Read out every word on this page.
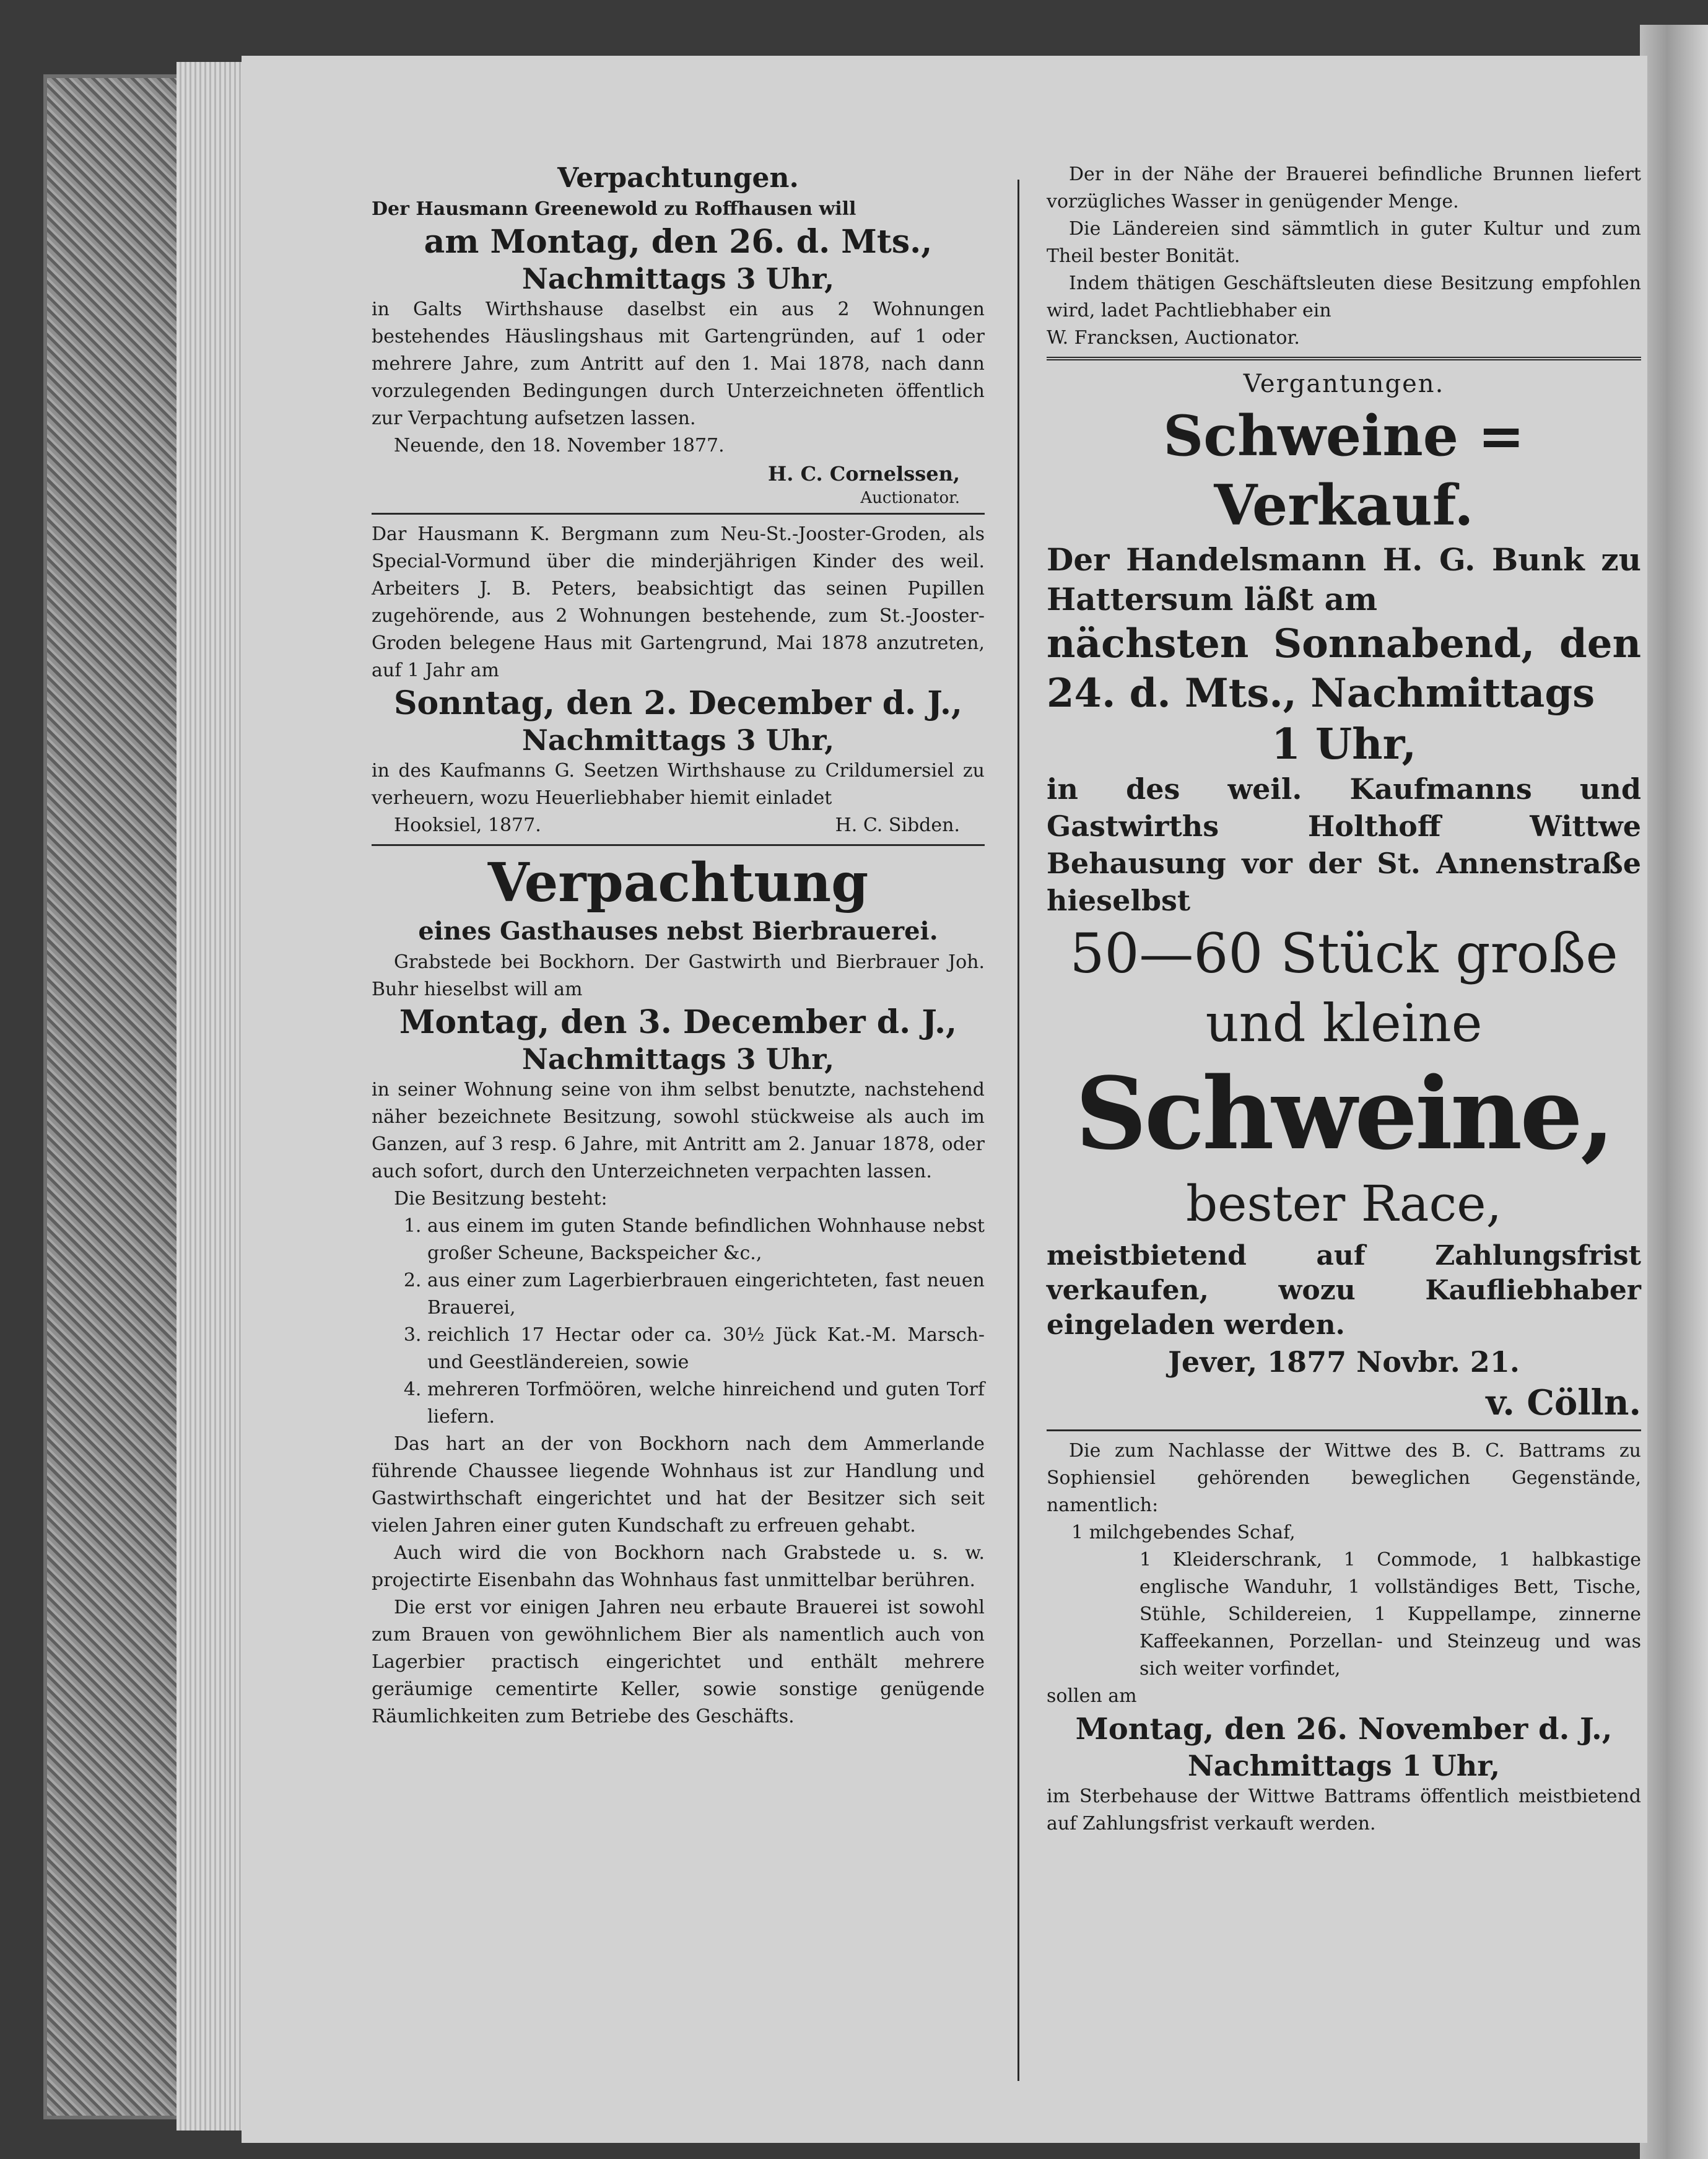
Verpachtungen.

Der Hausmann Greenewold zu Roffhausen will

am Montag, den 26. d. Mts.,

Nachmittags 3 Uhr,

in Galts Wirthshause daselbst ein aus 2 Wohnungen bestehendes Häuslingshaus mit Gartengründen, auf 1 oder mehrere Jahre, zum Antritt auf den 1. Mai 1878, nach dann vorzulegenden Bedingungen durch Unterzeichneten öffentlich zur Verpachtung aufsetzen lassen.

Neuende, den 18. November 1877.

H. C. Cornelssen,
Auctionator.

Dar Hausmann K. Bergmann zum Neu-St.-Jooster-Groden, als Special-Vormund über die minderjährigen Kinder des weil. Arbeiters J. B. Peters, beabsichtigt das seinen Pupillen zugehörende, aus 2 Wohnungen bestehende, zum St.-Jooster-Groden belegene Haus mit Gartengrund, Mai 1878 anzutreten, auf 1 Jahr am

Sonntag, den 2. December d. J.,

Nachmittags 3 Uhr,

in des Kaufmanns G. Seetzen Wirthshause zu Crildumersiel zu verheuern, wozu Heuerliebhaber hiemit einladet

Hooksiel, 1877.	H. C. Sibden.

Verpachtung

eines Gasthauses nebst Bierbrauerei.

Grabstede bei Bockhorn. Der Gastwirth und Bierbrauer Joh. Buhr hieselbst will am

Montag, den 3. December d. J.,

Nachmittags 3 Uhr,

in seiner Wohnung seine von ihm selbst benutzte, nachstehend näher bezeichnete Besitzung, sowohl stückweise als auch im Ganzen, auf 3 resp. 6 Jahre, mit Antritt am 2. Januar 1878, oder auch sofort, durch den Unterzeichneten verpachten lassen.

Die Besitzung besteht:

1. aus einem im guten Stande befindlichen Wohnhause nebst großer Scheune, Backspeicher &c.,
2. aus einer zum Lagerbierbrauen eingerichteten, fast neuen Brauerei,
3. reichlich 17 Hectar oder ca. 30½ Jück Kat.-M. Marsch- und Geestländereien, sowie
4. mehreren Torfmöören, welche hinreichend und guten Torf liefern.

Das hart an der von Bockhorn nach dem Ammerlande führende Chaussee liegende Wohnhaus ist zur Handlung und Gastwirthschaft eingerichtet und hat der Besitzer sich seit vielen Jahren einer guten Kundschaft zu erfreuen gehabt.

Auch wird die von Bockhorn nach Grabstede u. s. w. projectirte Eisenbahn das Wohnhaus fast unmittelbar berühren.

Die erst vor einigen Jahren neu erbaute Brauerei ist sowohl zum Brauen von gewöhnlichem Bier als namentlich auch von Lagerbier practisch eingerichtet und enthält mehrere geräumige cementirte Keller, sowie sonstige genügende Räumlichkeiten zum Betriebe des Geschäfts.

Der in der Nähe der Brauerei befindliche Brunnen liefert vorzügliches Wasser in genügender Menge.

Die Ländereien sind sämmtlich in guter Kultur und zum Theil bester Bonität.

Indem thätigen Geschäftsleuten diese Besitzung empfohlen wird, ladet Pachtliebhaber ein

W. Francksen, Auctionator.

Vergantungen.

Schweine = Verkauf.

Der Handelsmann H. G. Bunk zu Hattersum läßt am

nächsten Sonnabend, den 24. d. Mts., Nachmittags

1 Uhr,

in des weil. Kaufmanns und Gastwirths Holthoff Wittwe Behausung vor der St. Annenstraße hieselbst

50—60 Stück große

und kleine

Schweine,

bester Race,

meistbietend auf Zahlungsfrist verkaufen, wozu Kaufliebhaber eingeladen werden.

Jever, 1877 Novbr. 21.

v. Cölln.

Die zum Nachlasse der Wittwe des B. C. Battrams zu Sophiensiel gehörenden beweglichen Gegenstände, namentlich:

1 milchgebendes Schaf,

1 Kleiderschrank, 1 Commode, 1 halbkastige englische Wanduhr, 1 vollständiges Bett, Tische, Stühle, Schildereien, 1 Kuppellampe, zinnerne Kaffeekannen, Porzellan- und Steinzeug und was sich weiter vorfindet,

sollen am

Montag, den 26. November d. J.,

Nachmittags 1 Uhr,

im Sterbehause der Wittwe Battrams öffentlich meistbietend auf Zahlungsfrist verkauft werden.
